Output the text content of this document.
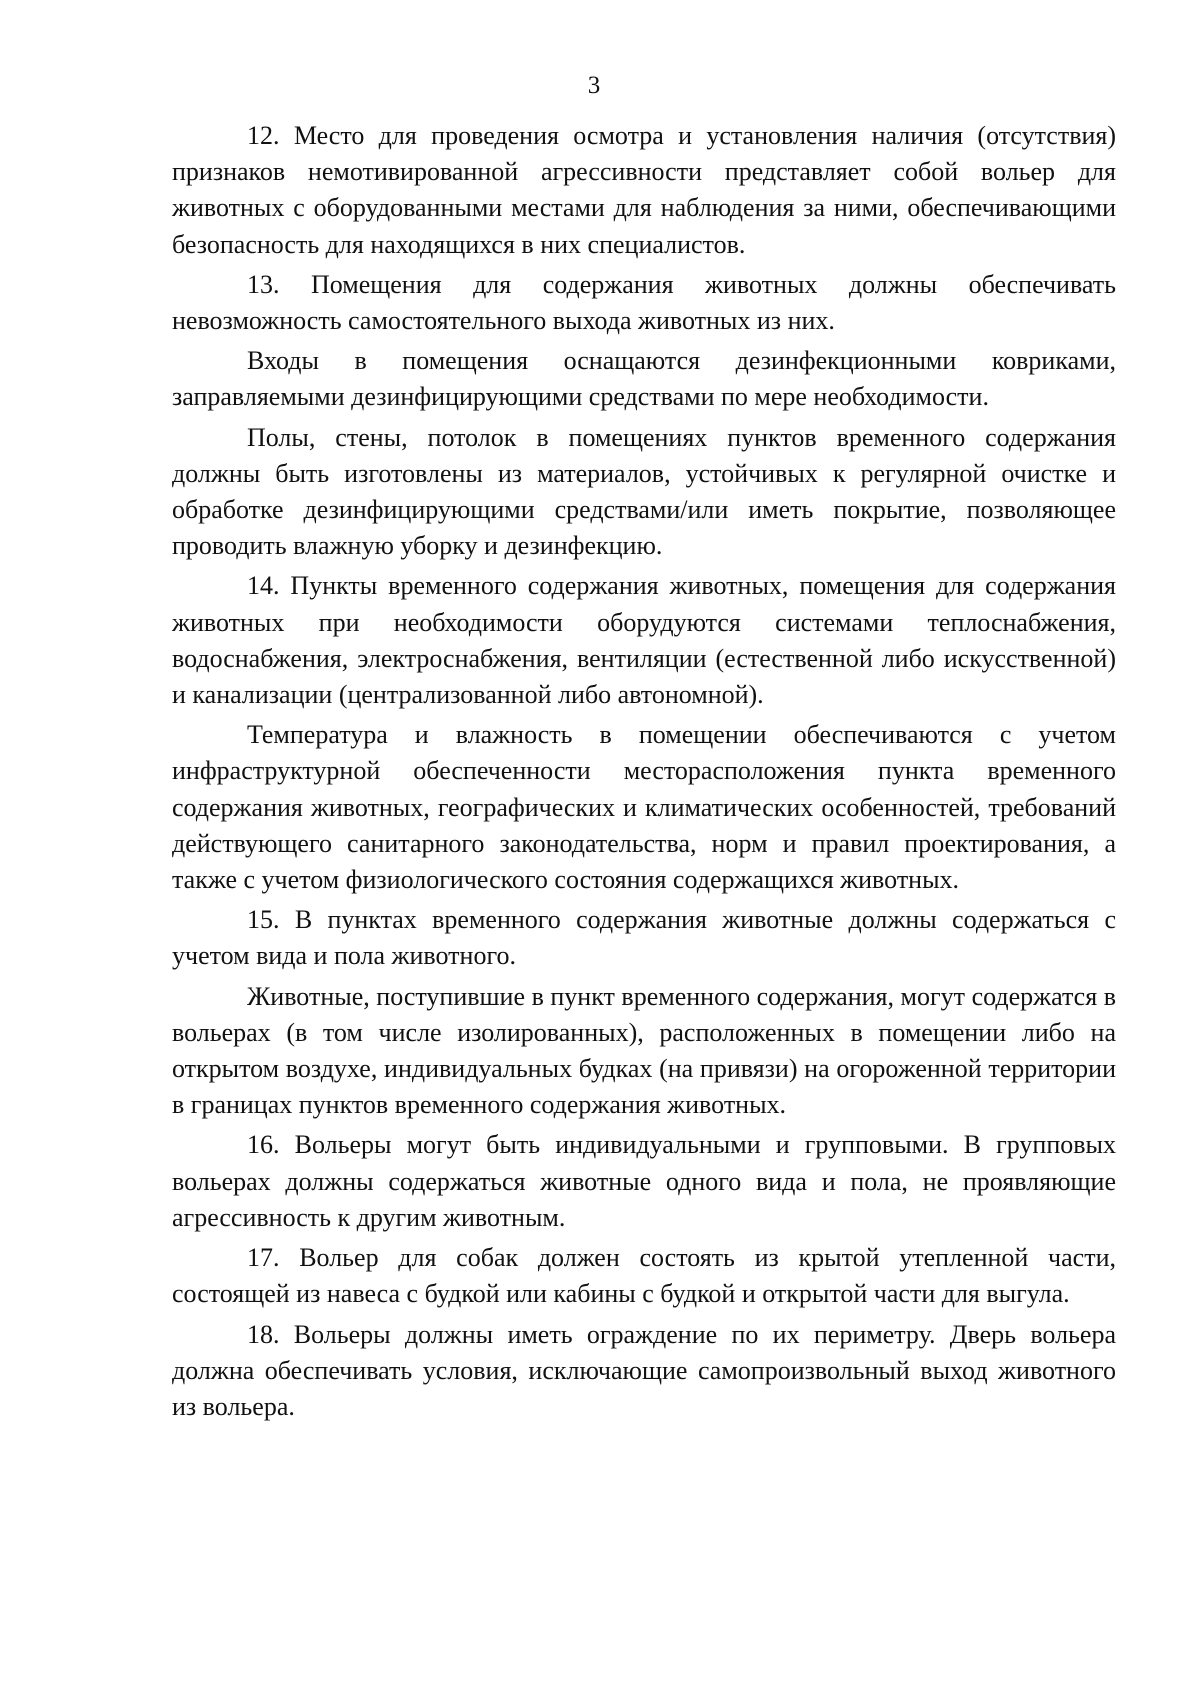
3

12. Место для проведения осмотра и установления наличия (отсутствия) признаков немотивированной агрессивности представляет собой вольер для животных с оборудованными местами для наблюдения за ними, обеспечивающими безопасность для находящихся в них специалистов.

13. Помещения для содержания животных должны обеспечивать невозможность самостоятельного выхода животных из них.

Входы в помещения оснащаются дезинфекционными ковриками, заправляемыми дезинфицирующими средствами по мере необходимости.

Полы, стены, потолок в помещениях пунктов временного содержания должны быть изготовлены из материалов, устойчивых к регулярной очистке и обработке дезинфицирующими средствами/или иметь покрытие, позволяющее проводить влажную уборку и дезинфекцию.

14. Пункты временного содержания животных, помещения для содержания животных при необходимости оборудуются системами теплоснабжения, водоснабжения, электроснабжения, вентиляции (естественной либо искусственной) и канализации (централизованной либо автономной).

Температура и влажность в помещении обеспечиваются с учетом инфраструктурной обеспеченности месторасположения пункта временного содержания животных, географических и климатических особенностей, требований действующего санитарного законодательства, норм и правил проектирования, а также с учетом физиологического состояния содержащихся животных.

15. В пунктах временного содержания животные должны содержаться с учетом вида и пола животного.

Животные, поступившие в пункт временного содержания, могут содержатся в вольерах (в том числе изолированных), расположенных в помещении либо на открытом воздухе, индивидуальных будках (на привязи) на огороженной территории в границах пунктов временного содержания животных.

16. Вольеры могут быть индивидуальными и групповыми. В групповых вольерах должны содержаться животные одного вида и пола, не проявляющие агрессивность к другим животным.

17. Вольер для собак должен состоять из крытой утепленной части, состоящей из навеса с будкой или кабины с будкой и открытой части для выгула.

18. Вольеры должны иметь ограждение по их периметру. Дверь вольера должна обеспечивать условия, исключающие самопроизвольный выход животного из вольера.
